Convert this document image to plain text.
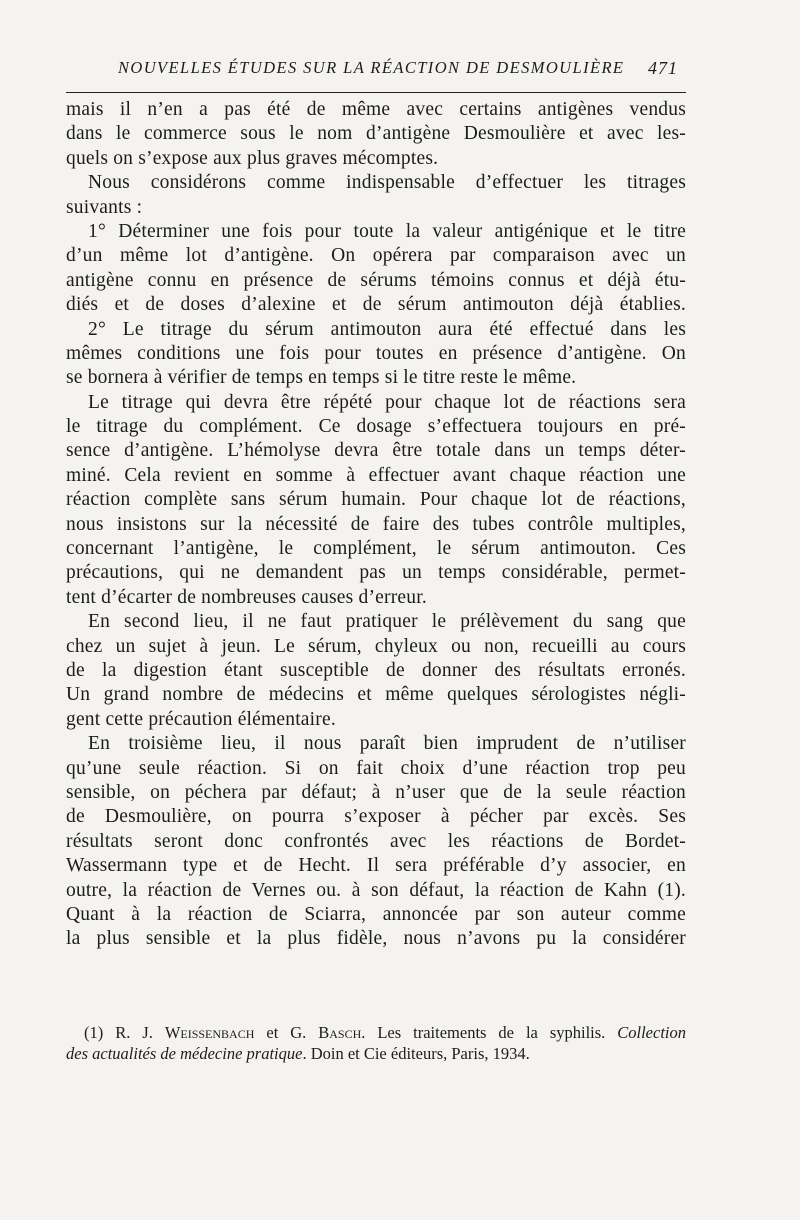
NOUVELLES ÉTUDES SUR LA RÉACTION DE DESMOULIÈRE	471
mais il n’en a pas été de même avec certains antigènes vendus
dans le commerce sous le nom d’antigène Desmoulière et avec les-
quels on s’expose aux plus graves mécomptes.
Nous considérons comme indispensable d’effectuer les titrages
suivants :
1° Déterminer une fois pour toute la valeur antigénique et le titre
d’un même lot d’antigène. On opérera par comparaison avec un
antigène connu en présence de sérums témoins connus et déjà étu-
diés et de doses d’alexine et de sérum antimouton déjà établies.
2° Le titrage du sérum antimouton aura été effectué dans les
mêmes conditions une fois pour toutes en présence d’antigène. On
se bornera à vérifier de temps en temps si le titre reste le même.
Le titrage qui devra être répété pour chaque lot de réactions sera
le titrage du complément. Ce dosage s’effectuera toujours en pré-
sence d’antigène. L’hémolyse devra être totale dans un temps déter-
miné. Cela revient en somme à effectuer avant chaque réaction une
réaction complète sans sérum humain. Pour chaque lot de réactions,
nous insistons sur la nécessité de faire des tubes contrôle multiples,
concernant l’antigène, le complément, le sérum antimouton. Ces
précautions, qui ne demandent pas un temps considérable, permet-
tent d’écarter de nombreuses causes d’erreur.
En second lieu, il ne faut pratiquer le prélèvement du sang que
chez un sujet à jeun. Le sérum, chyleux ou non, recueilli au cours
de la digestion étant susceptible de donner des résultats erronés.
Un grand nombre de médecins et même quelques sérologistes négli-
gent cette précaution élémentaire.
En troisième lieu, il nous paraît bien imprudent de n’utiliser
qu’une seule réaction. Si on fait choix d’une réaction trop peu
sensible, on péchera par défaut; à n’user que de la seule réaction
de Desmoulière, on pourra s’exposer à pécher par excès. Ses
résultats seront donc confrontés avec les réactions de Bordet-
Wassermann type et de Hecht. Il sera préférable d’y associer, en
outre, la réaction de Vernes ou. à son défaut, la réaction de Kahn (1).
Quant à la réaction de Sciarra, annoncée par son auteur comme
la plus sensible et la plus fidèle, nous n’avons pu la considérer
(1) R. J. Weissenbach et G. Basch. Les traitements de la syphilis. Collection
des actualités de médecine pratique. Doin et Cie éditeurs, Paris, 1934.
